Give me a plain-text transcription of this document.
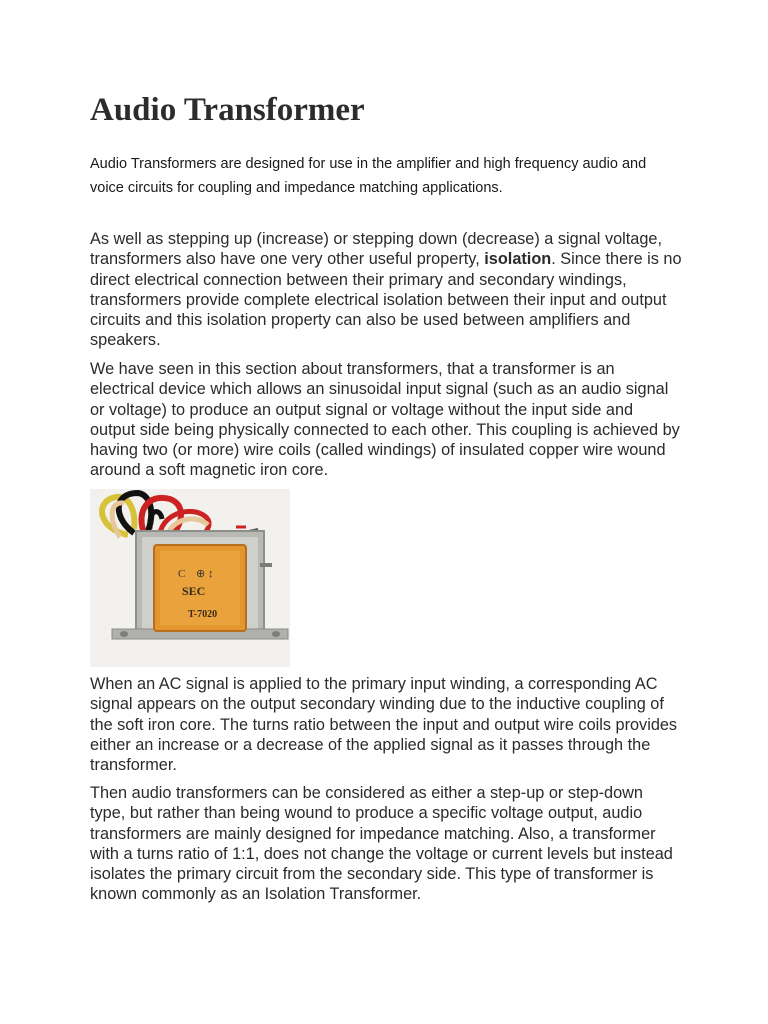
Audio Transformer

Audio Transformers are designed for use in the amplifier and high frequency audio and voice circuits for coupling and impedance matching applications.

As well as stepping up (increase) or stepping down (decrease) a signal voltage, transformers also have one very other useful property, isolation. Since there is no direct electrical connection between their primary and secondary windings, transformers provide complete electrical isolation between their input and output circuits and this isolation property can also be used between amplifiers and speakers.

We have seen in this section about transformers, that a transformer is an electrical device which allows an sinusoidal input signal (such as an audio signal or voltage) to produce an output signal or voltage without the input side and output side being physically connected to each other. This coupling is achieved by having two (or more) wire coils (called windings) of insulated copper wire wound around a soft magnetic iron core.

C ⊕ ↕
SEC
T-7020

When an AC signal is applied to the primary input winding, a corresponding AC signal appears on the output secondary winding due to the inductive coupling of the soft iron core. The turns ratio between the input and output wire coils provides either an increase or a decrease of the applied signal as it passes through the transformer.

Then audio transformers can be considered as either a step-up or step-down type, but rather than being wound to produce a specific voltage output, audio transformers are mainly designed for impedance matching. Also, a transformer with a turns ratio of 1:1, does not change the voltage or current levels but instead isolates the primary circuit from the secondary side. This type of transformer is known commonly as an Isolation Transformer.
